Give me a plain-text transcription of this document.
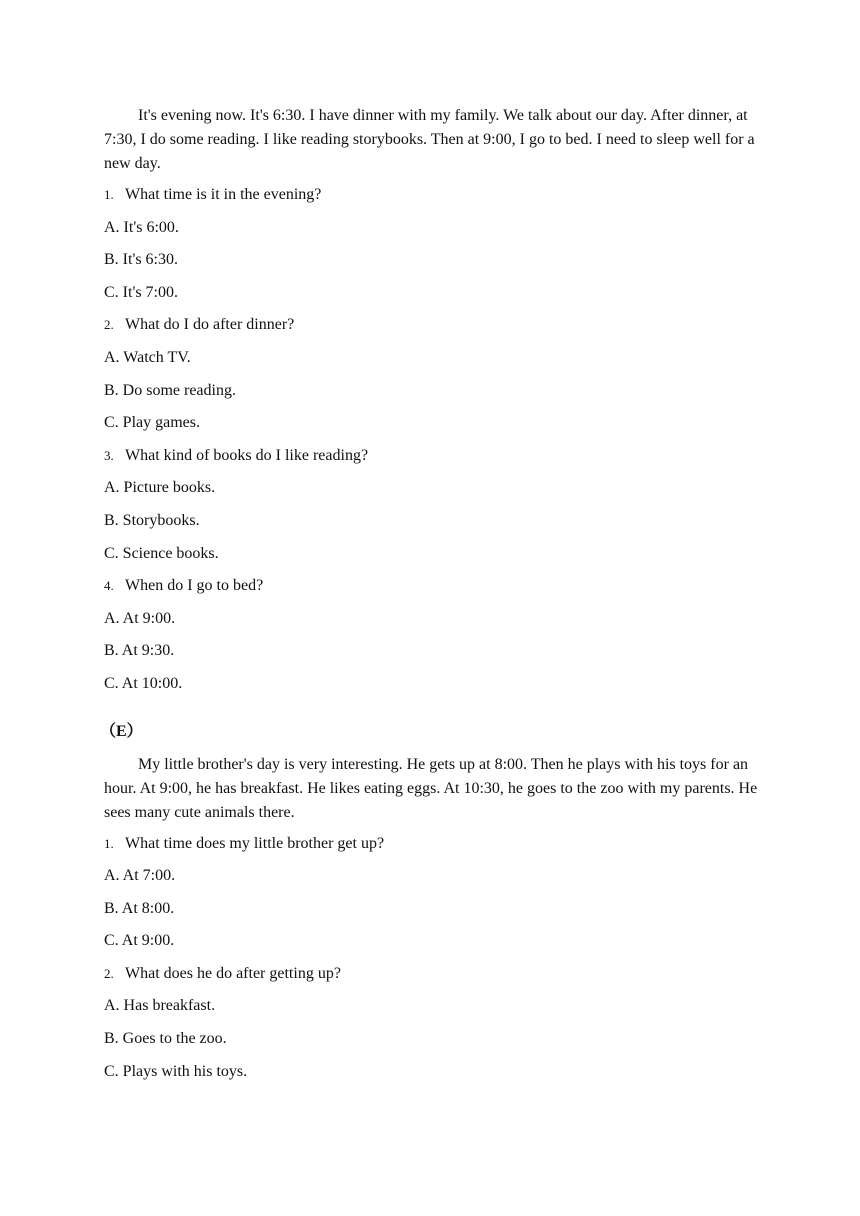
It's evening now. It's 6:30. I have dinner with my family. We talk about our day. After dinner, at 7:30, I do some reading. I like reading storybooks. Then at 9:00, I go to bed. I need to sleep well for a new day.

1. What time is it in the evening?

A. It's 6:00.

B. It's 6:30.

C. It's 7:00.

2. What do I do after dinner?

A. Watch TV.

B. Do some reading.

C. Play games.

3. What kind of books do I like reading?

A. Picture books.

B. Storybooks.

C. Science books.

4. When do I go to bed?

A. At 9:00.

B. At 9:30.

C. At 10:00.

（E）

My little brother's day is very interesting. He gets up at 8:00. Then he plays with his toys for an hour. At 9:00, he has breakfast. He likes eating eggs. At 10:30, he goes to the zoo with my parents. He sees many cute animals there.

1. What time does my little brother get up?

A. At 7:00.

B. At 8:00.

C. At 9:00.

2. What does he do after getting up?

A. Has breakfast.

B. Goes to the zoo.

C. Plays with his toys.
